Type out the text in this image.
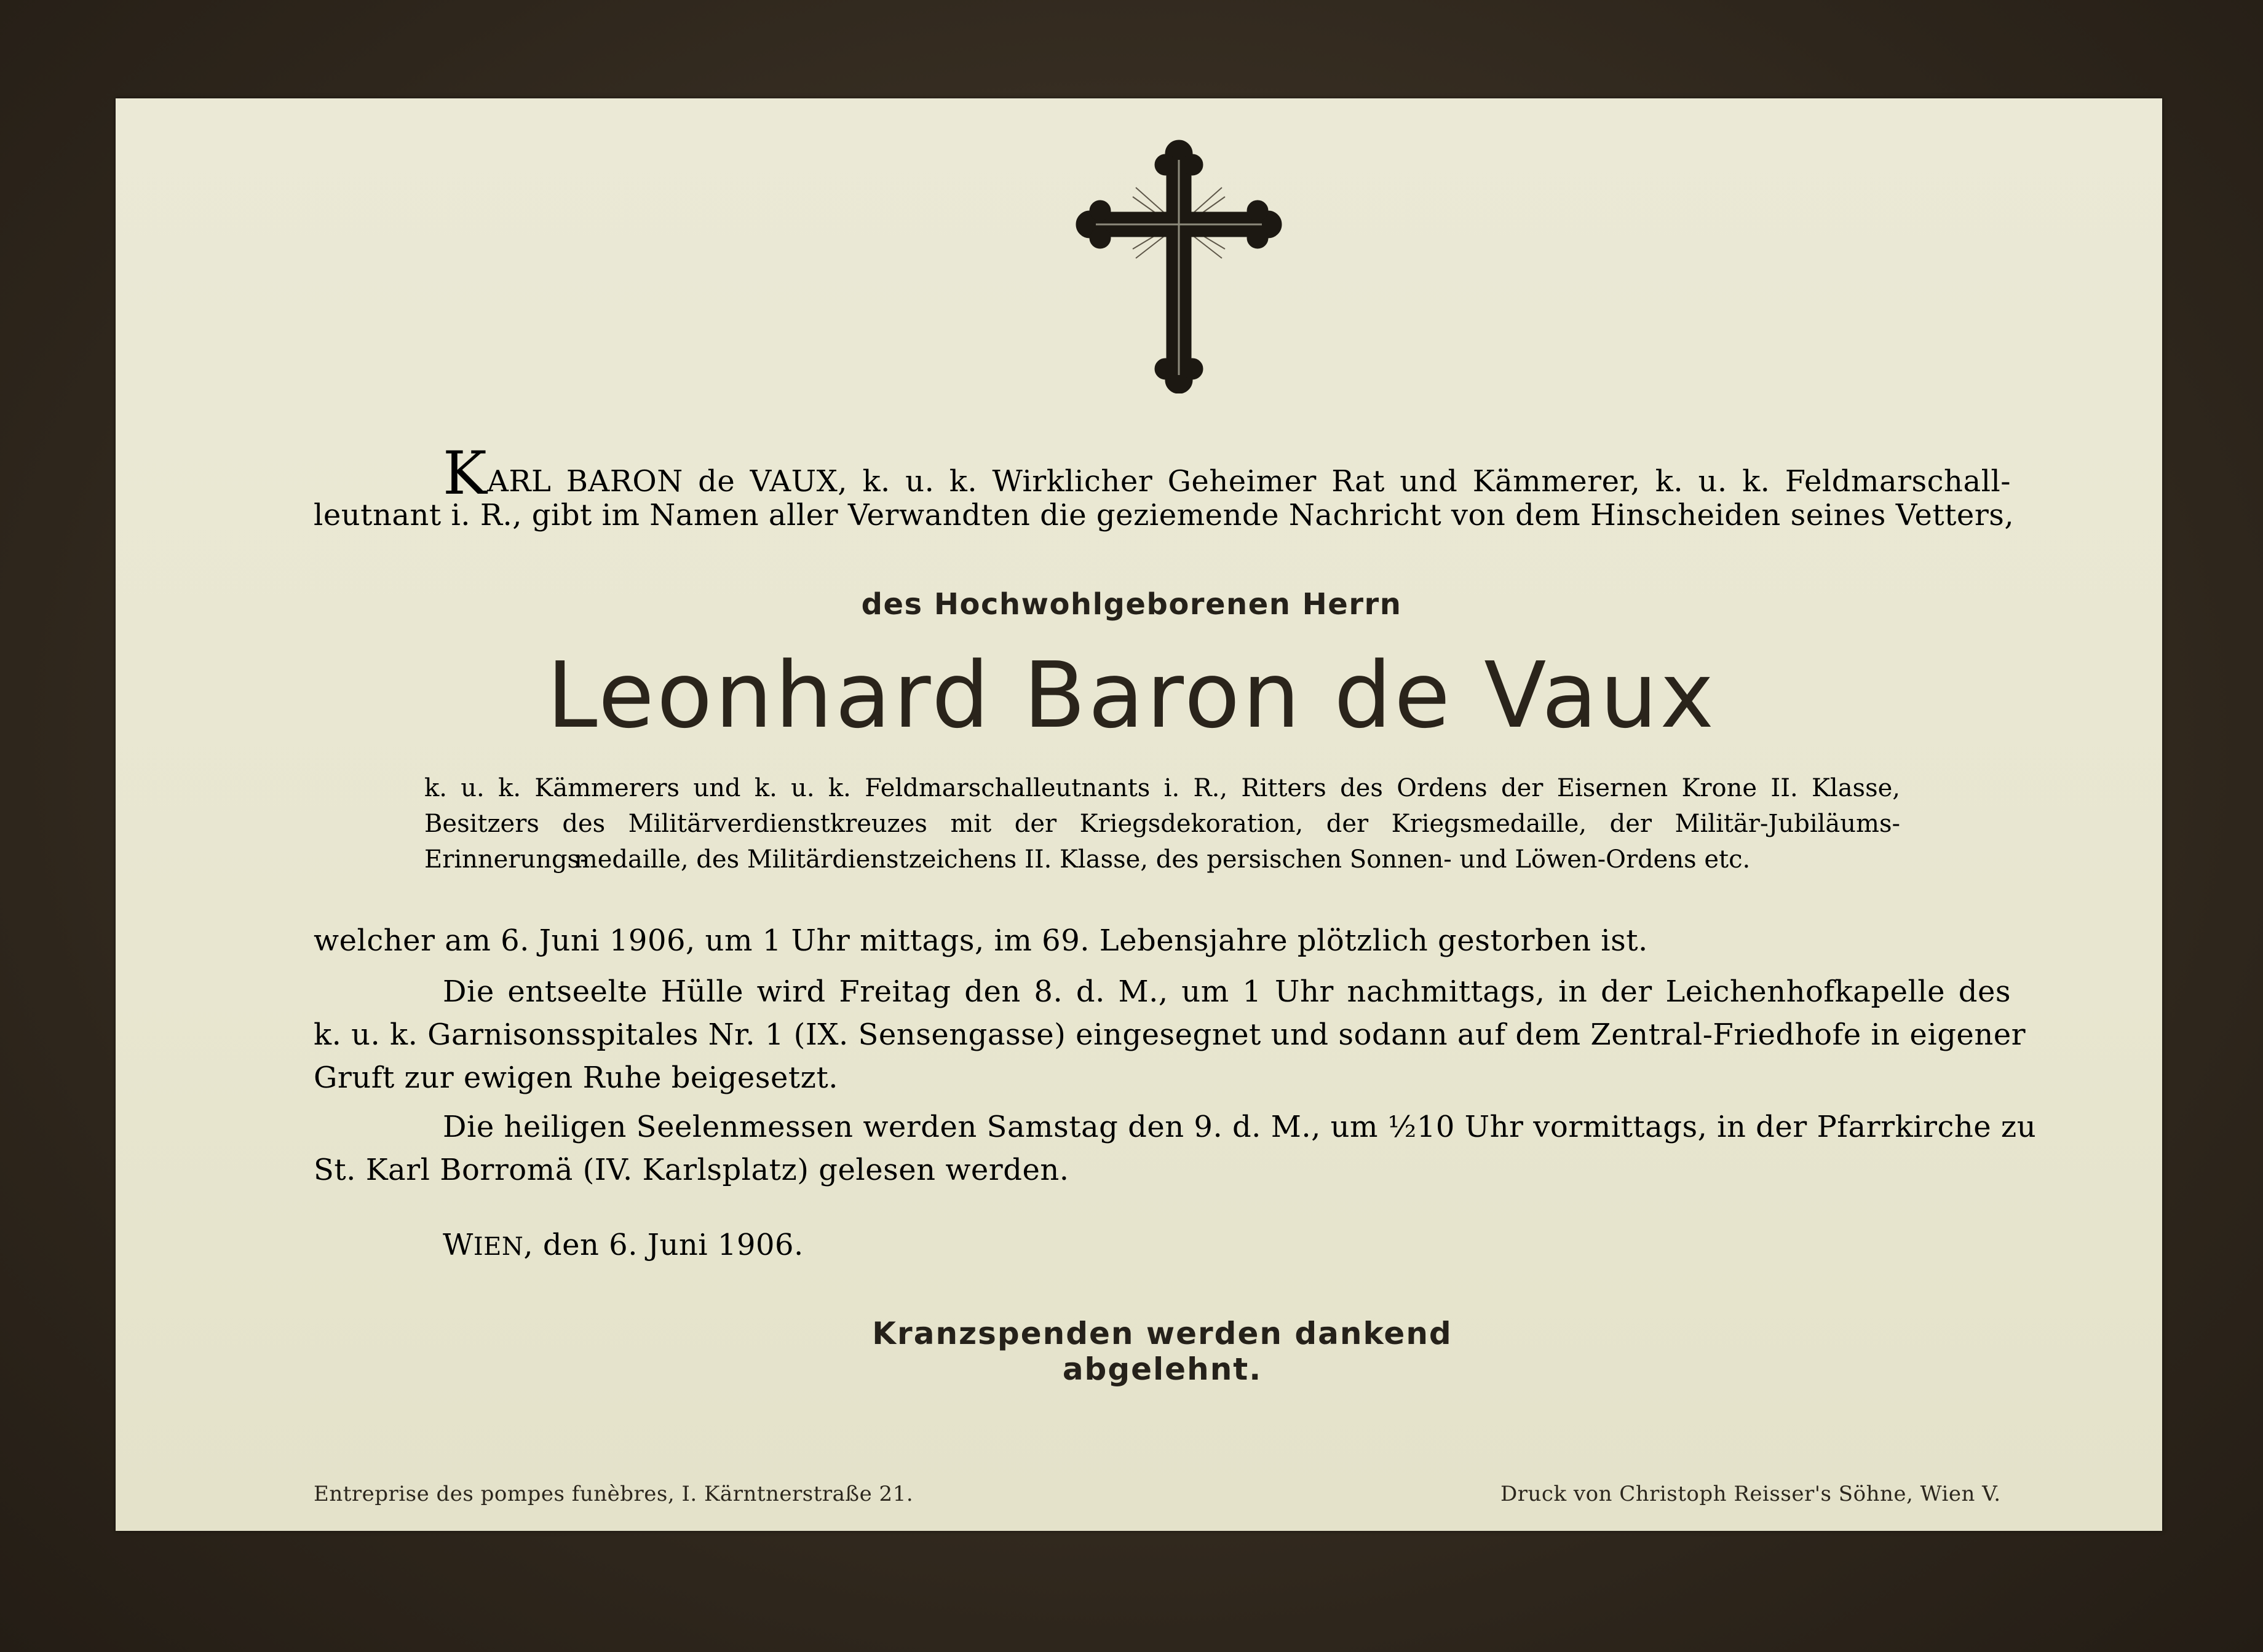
KARL BARON de VAUX, k. u. k. Wirklicher Geheimer Rat und Kämmerer, k. u. k. Feldmarschall-
leutnant i. R., gibt im Namen aller Verwandten die geziemende Nachricht von dem Hinscheiden seines Vetters,
des Hochwohlgeborenen Herrn
Leonhard Baron de Vaux
k. u. k. Kämmerers und k. u. k. Feldmarschalleutnants i. R., Ritters des Ordens der Eisernen Krone II. Klasse,
Besitzers des Militärverdienstkreuzes mit der Kriegsdekoration, der Kriegsmedaille, der Militär-Jubiläums-Erinnerungs-
medaille, des Militärdienstzeichens II. Klasse, des persischen Sonnen- und Löwen-Ordens etc.
welcher am 6. Juni 1906, um 1 Uhr mittags, im 69. Lebensjahre plötzlich gestorben ist.
Die entseelte Hülle wird Freitag den 8. d. M., um 1 Uhr nachmittags, in der Leichenhofkapelle des
k. u. k. Garnisonsspitales Nr. 1 (IX. Sensengasse) eingesegnet und sodann auf dem Zentral-Friedhofe in eigener
Gruft zur ewigen Ruhe beigesetzt.
Die heiligen Seelenmessen werden Samstag den 9. d. M., um ½10 Uhr vormittags, in der Pfarrkirche zu
St. Karl Borromä (IV. Karlsplatz) gelesen werden.
WIEN, den 6. Juni 1906.
Kranzspenden werden dankend abgelehnt.
Entreprise des pompes funèbres, I. Kärntnerstraße 21.	Druck von Christoph Reisser's Söhne, Wien V.
